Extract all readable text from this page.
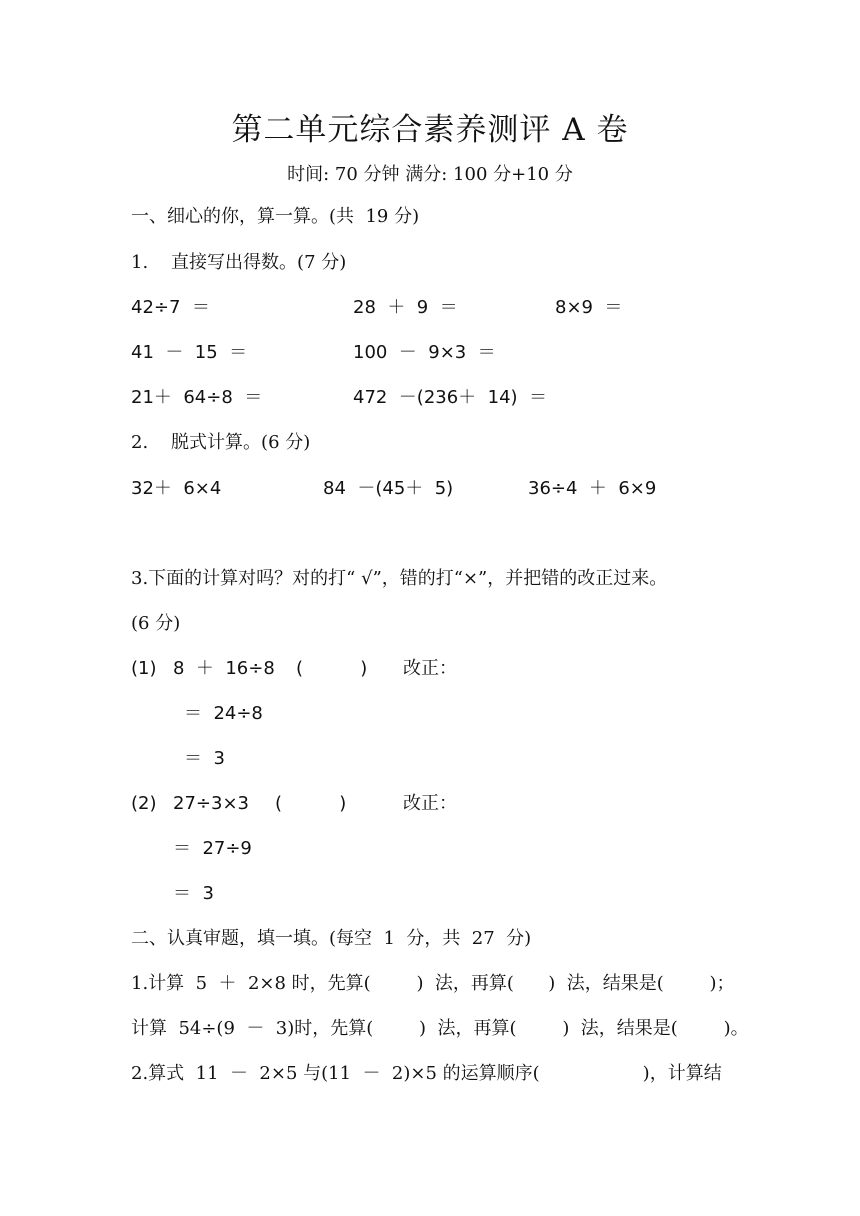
第二单元综合素养测评 A 卷
时间: 70 分钟 满分: 100 分+10 分
一、细心的你，算一算。(共  19 分)
1.    直接写出得数。(7 分)
42÷7  ＝	28  ＋  9  ＝	8×9  ＝
41  －  15  ＝	100  －  9×3  ＝
21＋  64÷8  ＝	472  －(236＋  14)  ＝
2.    脱式计算。(6 分)
32＋  6×4	84  －(45＋  5)	36÷4  ＋  6×9
3.下面的计算对吗？对的打“ √”，错的打“×”，并把错的改正过来。
(6 分)
(1) 8  ＋  16÷8 (          ) 改正：
＝  24÷8
＝  3
(2) 27÷3×3 (          )	改正：
＝  27÷9
＝  3
二、认真审题，填一填。(每空  1  分，共  27  分)
1.计算  5  ＋  2×8 时，先算(        )  法，再算(      )  法，结果是(        )；
计算  54÷(9  －  3)时，先算(        )  法，再算(        )  法，结果是(        )。
2.算式  11  －  2×5 与(11  －  2)×5 的运算顺序(                  )，计算结
